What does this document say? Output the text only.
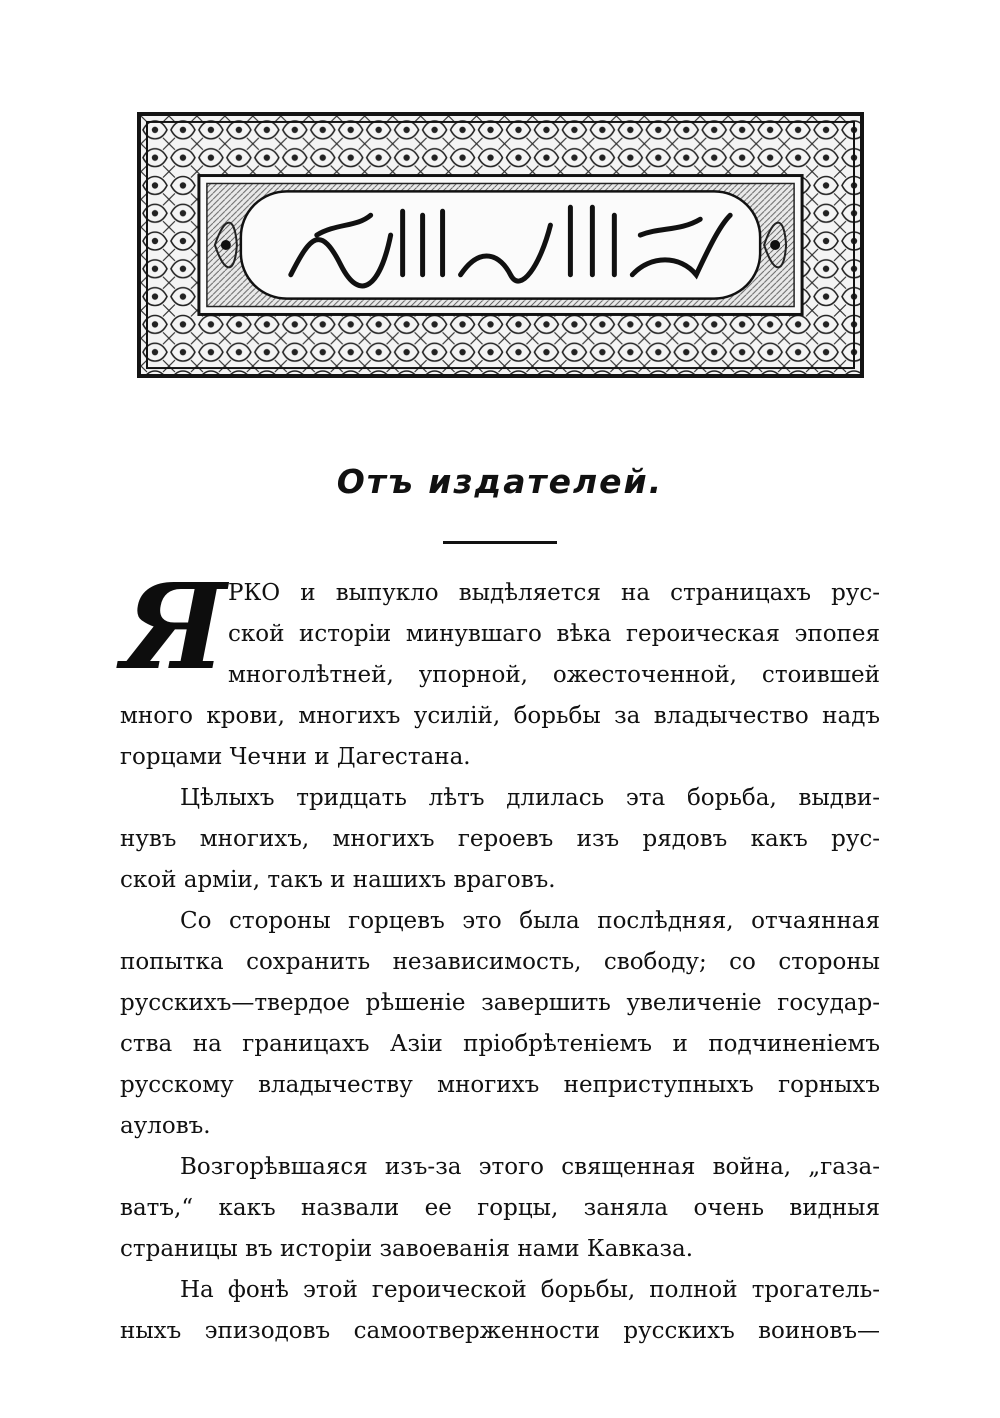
Отъ издателей.
Я РКО и выпукло выдѣляется на страницахъ рус-
ской исторіи минувшаго вѣка героическая эпопея
многолѣтней, упорной, ожесточенной, стоившей
много крови, многихъ усилій, борьбы за владычество надъ
горцами Чечни и Дагестана.
Цѣлыхъ тридцать лѣтъ длилась эта борьба, выдви-
нувъ многихъ, многихъ героевъ изъ рядовъ какъ рус-
ской арміи, такъ и нашихъ враговъ.
Со стороны горцевъ это была послѣдняя, отчаянная
попытка сохранить независимость, свободу; со стороны
русскихъ—твердое рѣшеніе завершить увеличеніе государ-
ства на границахъ Азіи пріобрѣтеніемъ и подчиненіемъ
русскому владычеству многихъ неприступныхъ горныхъ
ауловъ.
Возгорѣвшаяся изъ-за этого священная война, „газа-
ватъ,“ какъ назвали ее горцы, заняла очень видныя
страницы въ исторіи завоеванія нами Кавказа.
На фонѣ этой героической борьбы, полной трогатель-
ныхъ эпизодовъ самоотверженности русскихъ воиновъ—
